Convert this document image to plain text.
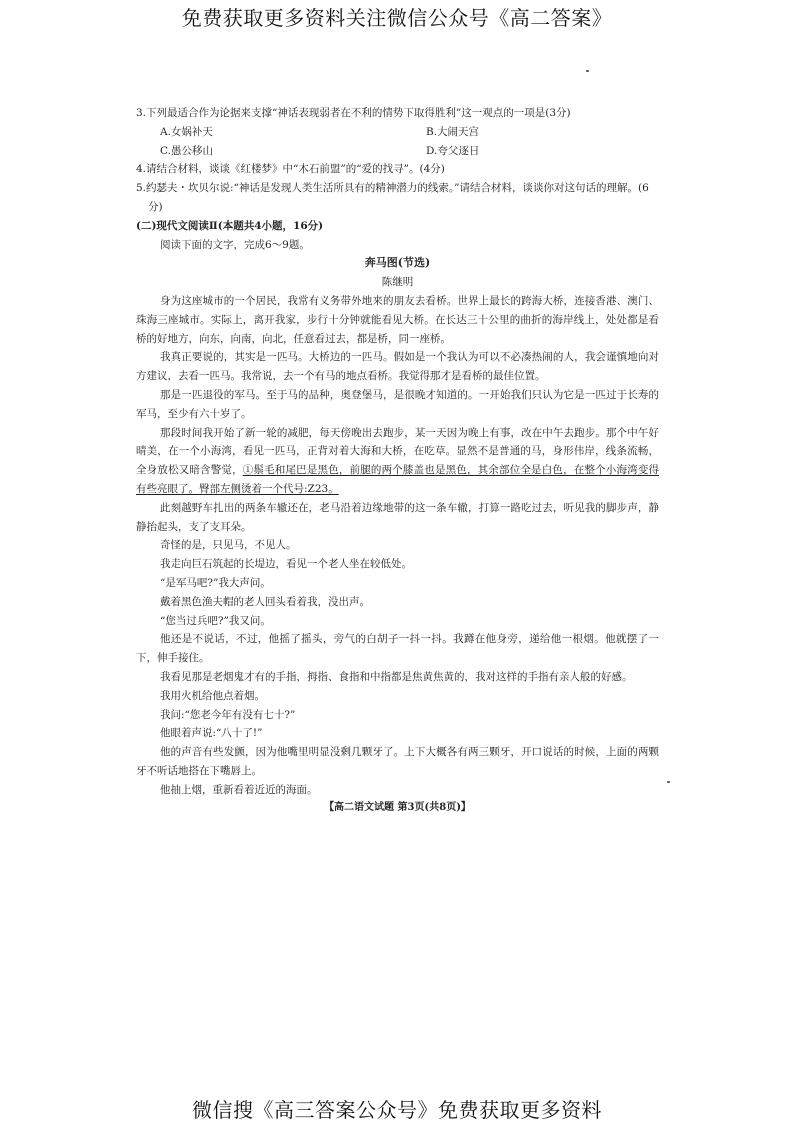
免费获取更多资料关注微信公众号《高二答案》

3.下列最适合作为论据来支撑“神话表现弱者在不利的情势下取得胜利”这一观点的一项是(3分)

A.女娲补天	B.大闹天宫
C.愚公移山	D.夸父逐日

4.请结合材料，谈谈《红楼梦》中“木石前盟”的“爱的找寻”。(4分)

5.约瑟夫・坎贝尔说:“神话是发现人类生活所具有的精神潜力的线索。”请结合材料，谈谈你对这句话的理解。(6分)

(二)现代文阅读Ⅱ(本题共4小题，16分)

阅读下面的文字，完成6～9题。

奔马图(节选)

陈继明

身为这座城市的一个居民，我常有义务带外地来的朋友去看桥。世界上最长的跨海大桥，连接香港、澳门、珠海三座城市。实际上，离开我家，步行十分钟就能看见大桥。在长达三十公里的曲折的海岸线上，处处都是看桥的好地方，向东，向南，向北，任意看过去，都是桥，同一座桥。

我真正要说的，其实是一匹马。大桥边的一匹马。假如是一个我认为可以不必凑热闹的人，我会谨慎地向对方建议，去看一匹马。我常说，去一个有马的地点看桥。我觉得那才是看桥的最佳位置。

那是一匹退役的军马。至于马的品种，奥登堡马，是很晚才知道的。一开始我们只认为它是一匹过于长寿的军马，至少有六十岁了。

那段时间我开始了新一轮的减肥，每天傍晚出去跑步，某一天因为晚上有事，改在中午去跑步。那个中午好晴美，在一个小海湾，看见一匹马，正背对着大海和大桥，在吃草。显然不是普通的马，身形伟岸，线条流畅，全身放松又暗含警觉，①鬃毛和尾巴是黑色，前腿的两个膝盖也是黑色，其余部位全是白色，在整个小海湾变得有些亮眼了。臀部左侧烫着一个代号:Z23。

此刻越野车扎出的两条车辙还在，老马沿着边缘地带的这一条车辙，打算一路吃过去，听见我的脚步声，静静抬起头，支了支耳朵。

奇怪的是，只见马，不见人。

我走向巨石筑起的长堤边，看见一个老人坐在较低处。

“是军马吧?”我大声问。

戴着黑色渔夫帽的老人回头看着我，没出声。

“您当过兵吧?”我又问。

他还是不说话，不过，他摇了摇头，旁气的白胡子一抖一抖。我蹲在他身旁，递给他一根烟。他就摆了一下，伸手接住。

我看见那是老烟鬼才有的手指，拇指、食指和中指都是焦黄焦黄的，我对这样的手指有亲人般的好感。

我用火机给他点着烟。

我问:“您老今年有没有七十?”

他眼着声说:“八十了!”

他的声音有些发颤，因为他嘴里明显没剩几颗牙了。上下大概各有两三颗牙，开口说话的时候，上面的两颗牙不听话地搭在下嘴唇上。

他抽上烟，重新看着近近的海面。

【高二语文试题 第3页(共8页)】

微信搜《高三答案公众号》免费获取更多资料
